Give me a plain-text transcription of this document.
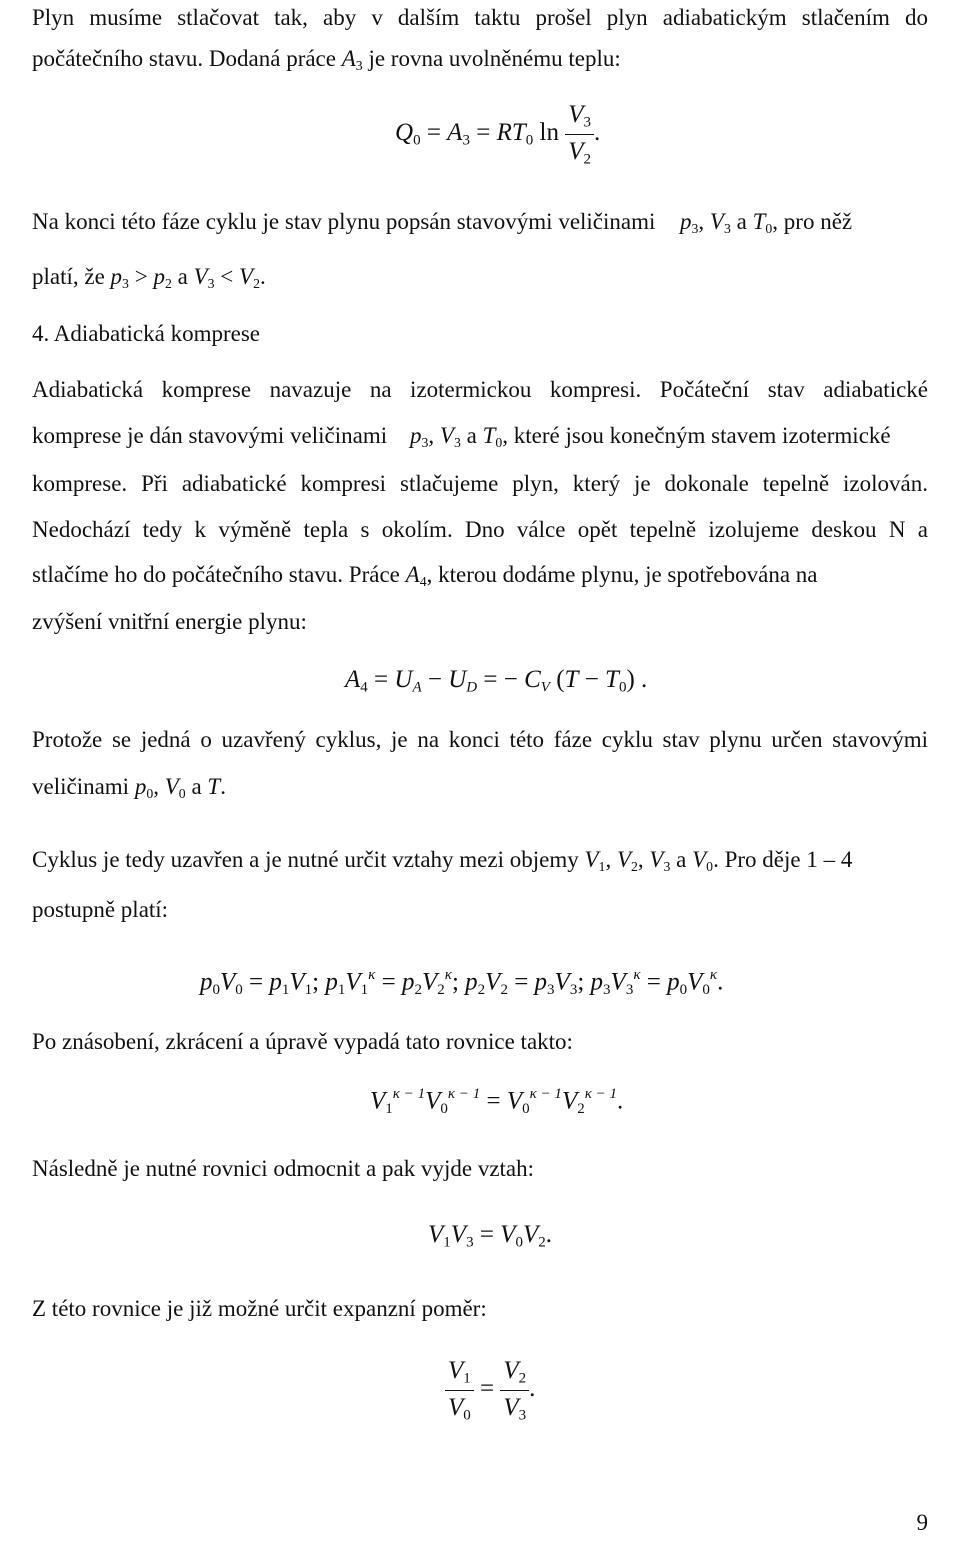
Plyn musíme stlačovat tak, aby v dalším taktu prošel plyn adiabatickým stlačením do
počátečního stavu. Dodaná práce $A_3$ je rovna uvolněnému teplu:
$Q_0 = A_3 = RT_0$ $\ln \frac{V_3}{V_2}$ .
Na konci této fáze cyklu je stav plynu popsán stavovými veličinami $p_3$, $V_3$ a $T_0$, pro něž
platí, že $p_3 > p_2$ a $V_3 < V_2$.
4. Adiabatická komprese
Adiabatická komprese navazuje na izotermickou kompresi. Počáteční stav adiabatické
komprese je dán stavovými veličinami $p_3$, $V_3$ a $T_0$, které jsou konečným stavem izotermické
komprese. Při adiabatické kompresi stlačujeme plyn, který je dokonale tepelně izolován.
Nedochází tedy k výměně tepla s okolím. Dno válce opět tepelně izolujeme deskou N a
stlačíme ho do počátečního stavu. Práce $A_4$, kterou dodáme plynu, je spotřebována na
zvýšení vnitřní energie plynu:
$A_4 = U_A - U_D$ = − $C_V$ $(T - T_0)$ .
Protože se jedná o uzavřený cyklus, je na konci této fáze cyklu stav plynu určen stavovými
veličinami $p_0$, $V_0$ a T.
Cyklus je tedy uzavřen a je nutné určit vztahy mezi objemy $V_1$, $V_2$, $V_3$ a $V_0$. Pro děje 1 – 4
postupně platí:
$p_0V_0 = p_1V_1$; $p_1V_1^\kappa = p_2V_2^\kappa$; $p_2V_2 = p_3V_3$; $p_3V_3^\kappa = p_0V_0^\kappa$.
Po znásobení, zkrácení a úpravě vypadá tato rovnice takto:
$V_1^{\kappa - 1}V_0^{\kappa - 1} = V_0^{\kappa - 1}V_2^{\kappa - 1}$.
Následně je nutné rovnici odmocnit a pak vyjde vztah:
$V_1V_3 = V_0V_2$.
Z této rovnice je již možné určit expanzní poměr:
$\frac{V_1}{V_0} = \frac{V_2}{V_3}$ .
9
